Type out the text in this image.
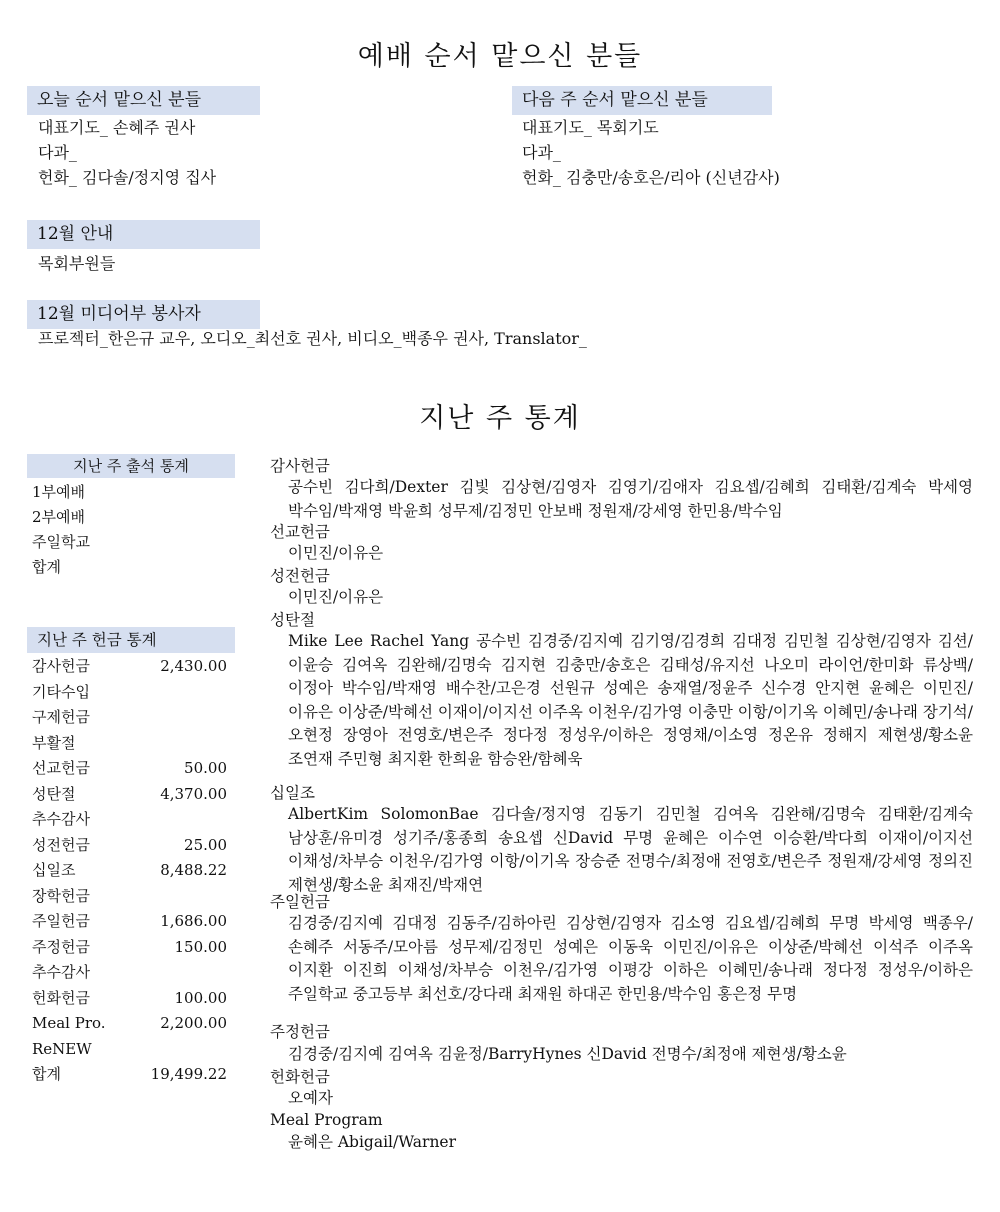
예배 순서 맡으신 분들
오늘 순서 맡으신 분들
대표기도_ 손혜주 권사
다과_
헌화_ 김다솔/정지영 집사
다음 주 순서 맡으신 분들
대표기도_ 목회기도
다과_
헌화_ 김충만/송호은/리아 (신년감사)
12월 안내
목회부원들
12월 미디어부 봉사자
프로젝터_한은규 교우, 오디오_최선호 권사, 비디오_백종우 권사, Translator_
지난 주 통계
지난 주 출석 통계
1부예배
2부예배
주일학교
합계
지난 주 헌금 통계
감사헌금	2,430.00
기타수입
구제헌금
부활절
선교헌금	50.00
성탄절	4,370.00
추수감사
성전헌금	25.00
십일조	8,488.22
장학헌금
주일헌금	1,686.00
주정헌금	150.00
추수감사
헌화헌금	100.00
Meal Pro.	2,200.00
ReNEW
합계	19,499.22
감사헌금
공수빈 김다희/Dexter 김빛 김상현/김영자 김영기/김애자 김요셉/김혜희 김태환/김계숙 박세영 박수임/박재영 박윤희 성무제/김정민 안보배 정원재/강세영 한민용/박수임
선교헌금
이민진/이유은
성전헌금
이민진/이유은
성탄절
Mike Lee Rachel Yang 공수빈 김경중/김지예 김기영/김경희 김대정 김민철 김상현/김영자 김션/이윤승 김여옥 김완해/김명숙 김지현 김충만/송호은 김태성/유지선 나오미 라이언/한미화 류상백/이정아 박수임/박재영 배수찬/고은경 선원규 성예은 송재열/정윤주 신수경 안지현 윤혜은 이민진/이유은 이상준/박혜선 이재이/이지선 이주옥 이천우/김가영 이충만 이항/이기옥 이혜민/송나래 장기석/오현정 장영아 전영호/변은주 정다정 정성우/이하은 정영채/이소영 정온유 정해지 제현생/황소윤 조연재 주민형 최지환 한희윤 함승완/함혜욱
십일조
AlbertKim SolomonBae 김다솔/정지영 김동기 김민철 김여옥 김완해/김명숙 김태환/김계숙 남상훈/유미경 성기주/홍종희 송요셉 신David 무명 윤혜은 이수연 이승환/박다희 이재이/이지선 이채성/차부승 이천우/김가영 이항/이기옥 장승준 전명수/최정애 전영호/변은주 정원재/강세영 정의진 제현생/황소윤 최재진/박재연
주일헌금
김경중/김지예 김대정 김동주/김하아린 김상현/김영자 김소영 김요셉/김혜희 무명 박세영 백종우/손혜주 서동주/모아름 성무제/김정민 성예은 이동욱 이민진/이유은 이상준/박혜선 이석주 이주옥 이지환 이진희 이채성/차부승 이천우/김가영 이평강 이하은 이혜민/송나래 정다정 정성우/이하은 주일학교 중고등부 최선호/강다래 최재원 하대곤 한민용/박수임 홍은정 무명
주정헌금
김경중/김지예 김여옥 김윤정/BarryHynes 신David 전명수/최정애 제현생/황소윤
헌화헌금
오예자
Meal Program
윤혜은 Abigail/Warner
